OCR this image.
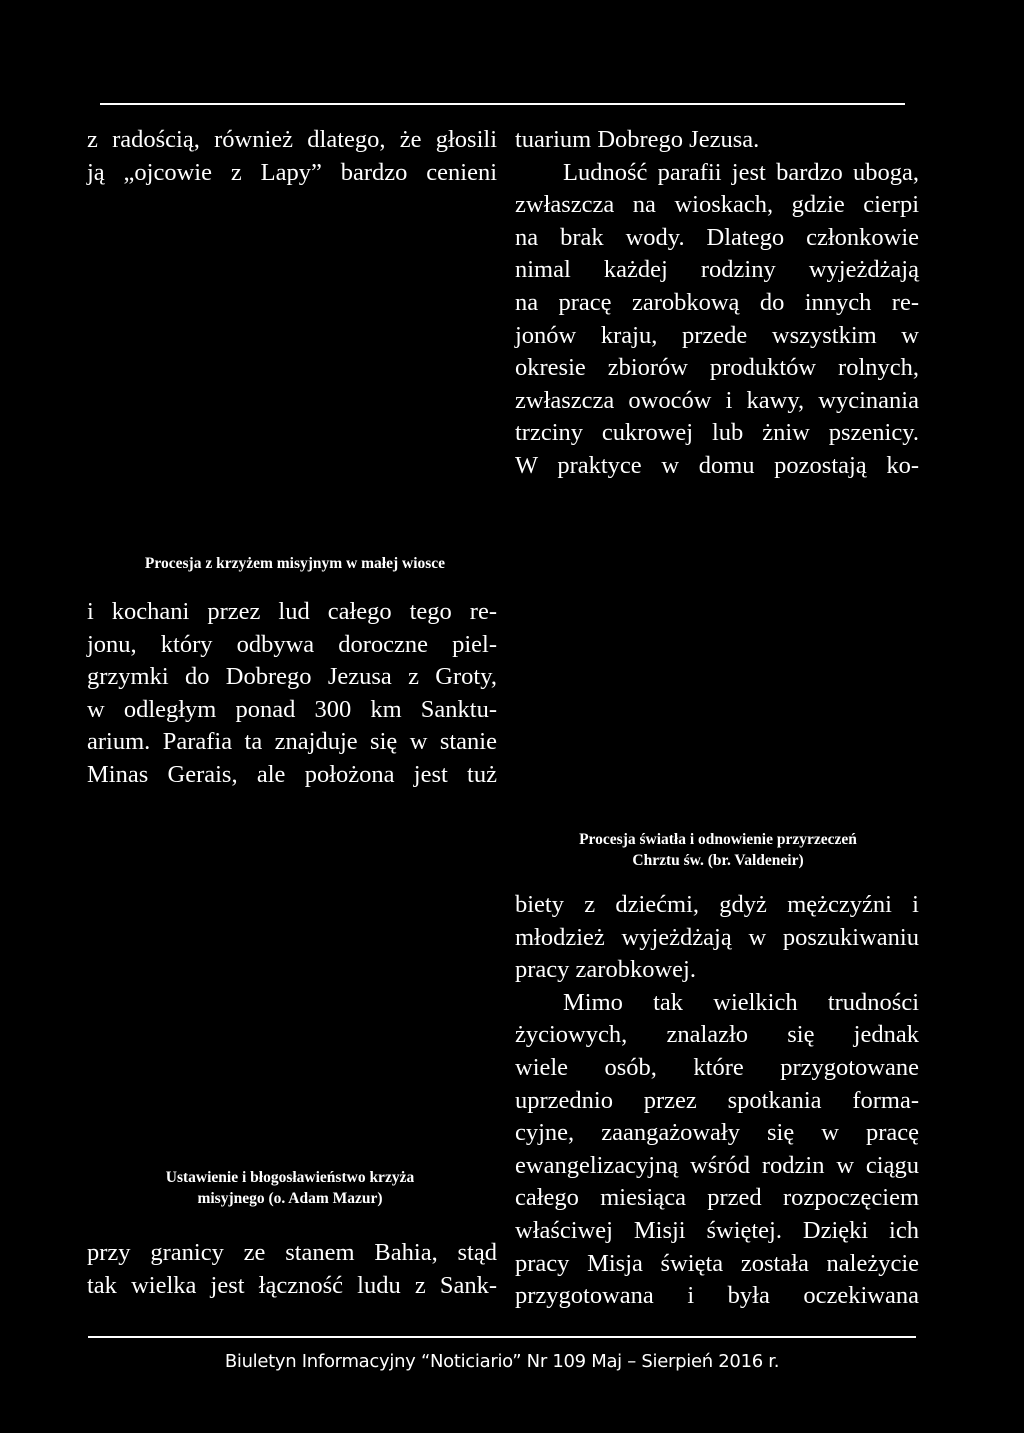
z radością, również dlatego, że głosili

ją „ojcowie z Lapy” bardzo cenieni

tuarium Dobrego Jezusa.

Ludność parafii jest bardzo uboga,

zwłaszcza na wioskach, gdzie cierpi

na brak wody. Dlatego członkowie

nimal każdej rodziny wyjeżdżają

na pracę zarobkową do innych re-

jonów kraju, przede wszystkim w

okresie zbiorów produktów rolnych,

zwłaszcza owoców i kawy, wycinania

trzciny cukrowej lub żniw pszenicy.

W praktyce w domu pozostają ko-

Procesja z krzyżem misyjnym w małej wiosce

i kochani przez lud całego tego re-

jonu, który odbywa doroczne piel-

grzymki do Dobrego Jezusa z Groty,

w odległym ponad 300 km Sanktu-

arium. Parafia ta znajduje się w stanie

Minas Gerais, ale położona jest tuż

Procesja światła i odnowienie przyrzeczeń
Chrztu św. (br. Valdeneir)

biety z dziećmi, gdyż mężczyźni i

młodzież wyjeżdżają w poszukiwaniu

pracy zarobkowej.

Mimo tak wielkich trudności

życiowych, znalazło się jednak

wiele osób, które przygotowane

uprzednio przez spotkania forma-

cyjne, zaangażowały się w pracę

ewangelizacyjną wśród rodzin w ciągu

całego miesiąca przed rozpoczęciem

właściwej Misji świętej. Dzięki ich

pracy Misja święta została należycie

przygotowana i była oczekiwana

Ustawienie i błogosławieństwo krzyża
misyjnego (o. Adam Mazur)

przy granicy ze stanem Bahia, stąd

tak wielka jest łączność ludu z Sank-

Biuletyn Informacyjny “Noticiario” Nr 109 Maj – Sierpień 2016 r.
